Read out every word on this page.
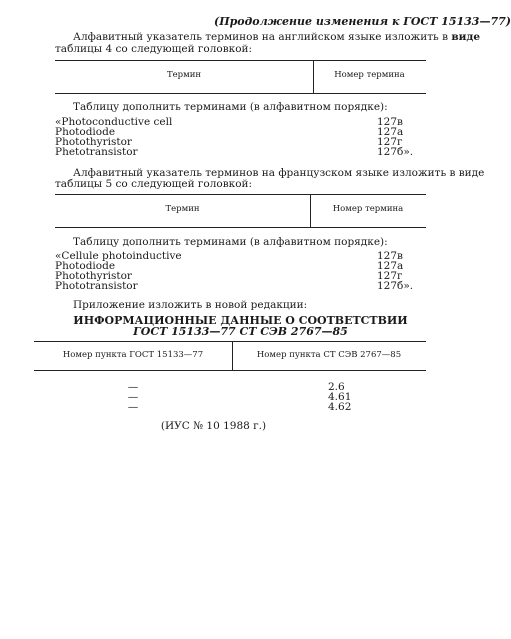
(Продолжение изменения к ГОСТ 15133—77)
Алфавитный указатель терминов на английском языке изложить в виде
таблицы 4 со следующей головкой:
Термин	Номер термина
Таблицу дополнить терминами (в алфавитном порядке):
«Photoconductive cell	127в
Photodiode	127а
Photothyristor	127г
Phetotransistor	127б».
Алфавитный указатель терминов на французском языке изложить в виде
таблицы 5 со следующей головкой:
Термин	Номер термина
Таблицу дополнить терминами (в алфавитном порядке):
«Cellule photoinductive	127в
Photodiode	127а
Photothyristor	127г
Phototransistor	127б».
Приложение изложить в новой редакции:
ИНФОРМАЦИОННЫЕ ДАННЫЕ О СООТВЕТСТВИИ
ГОСТ 15133—77 СТ СЭВ 2767—85
Номер пункта ГОСТ 15133—77	Номер пункта СТ СЭВ 2767—85
—	2.6
—	4.61
—	4.62
(ИУС № 10 1988 г.)
